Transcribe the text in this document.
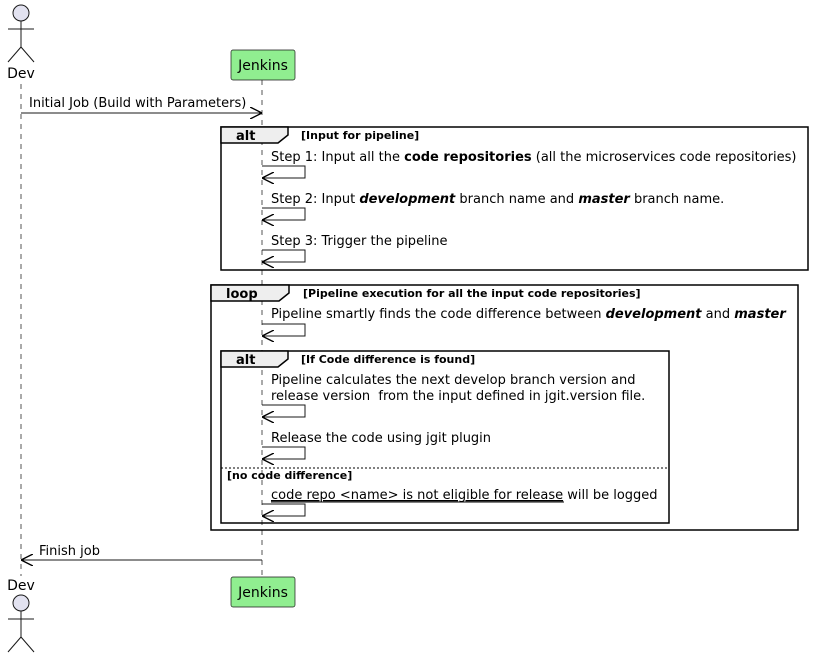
Dev	Jenkins
Initial Job (Build with Parameters)
alt	[Input for pipeline]
Step 1: Input all the code repositories (all the microservices code repositories)
Step 2: Input development branch name and master branch name.
Step 3: Trigger the pipeline
loop	[Pipeline execution for all the input code repositories]
Pipeline smartly finds the code difference between development and master
alt	[If Code difference is found]
[no code difference]
Pipeline calculates the next develop branch version and
release version  from the input defined in jgit.version file.
Release the code using jgit plugin
code repo <name> is not eligible for release will be logged
Finish job
Dev	Jenkins
